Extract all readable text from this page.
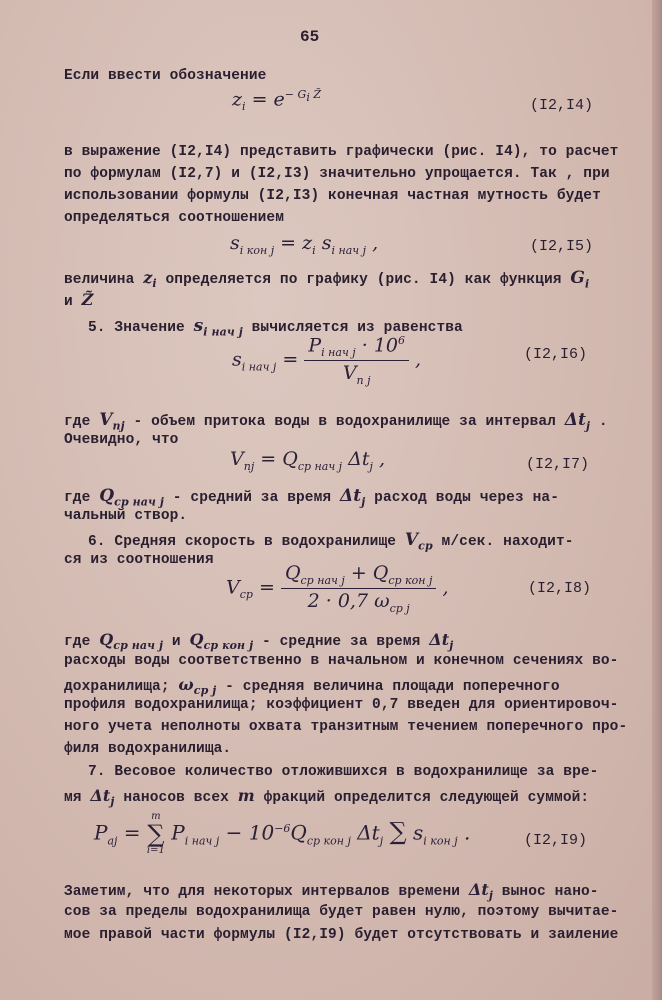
65
Если ввести обозначение
$z_i = e^{- G_i Z̃}$
(I2,I4)
в выражение (I2,I4) представить графически (рис. I4), то расчет
по формулам (I2,7) и (I2,I3) значительно упрощается. Так , при
использовании формулы (I2,I3) конечная частная мутность будет
определяться соотношением
$s_{i кон j} = z_i$ $s_{i нач j}$ ,	(I2,I5)
величина $z_i$ определяется по графику (рис. I4) как функция $G_i$
и Z̃
5. Значение $s_{i нач j}$ вычисляется из равенства
$s_{i нач j} = \frac{P_{i нач j} \cdot 10^6}{V_{п j}}$ ,	(I2,I6)
где $V_{пj}$ - объем притока воды в водохранилище за интервал $\Delta t_j$ .
Очевидно, что
$V_{пj} = Q_{ср нач j}$ $\Delta t_j$ ,	(I2,I7)
где $Q_{ср нач j}$ - средний за время $\Delta t_j$ расход воды через на-
чальный створ.
6. Средняя скорость в водохранилище $V_{ср}$ м/сек. находит-
ся из соотношения
$V_{ср} = \frac{Q_{ср нач j} + Q_{ср кон j}}{2 \cdot 0,7 \omega_{ср j}}$ ,	(I2,I8)
где $Q_{ср нач j}$ и $Q_{ср кон j}$ - средние за время $\Delta t_j$
расходы воды соответственно в начальном и конечном сечениях во-
дохранилища; $\omega_{ср j}$ - средняя величина площади поперечного
профиля водохранилища; коэффициент 0,7 введен для ориентировоч-
ного учета неполноты охвата транзитным течением поперечного про-
филя водохранилища.
7. Весовое количество отложившихся в водохранилище за вре-
мя $\Delta t_j$ наносов всех m фракций определится следующей суммой:
$P_{aj}$ =
m
∑
i=1
$P_{i нач j} - 10^{-6}Q_{ср кон j}$ $\Delta t_j$ ∑ $s_{i кон j}$ .	(I2,I9)
Заметим, что для некоторых интервалов времени $\Delta t_j$ вынос нано-
сов за пределы водохранилища будет равен нулю, поэтому вычитае-
мое правой части формулы (I2,I9) будет отсутствовать и заиление
